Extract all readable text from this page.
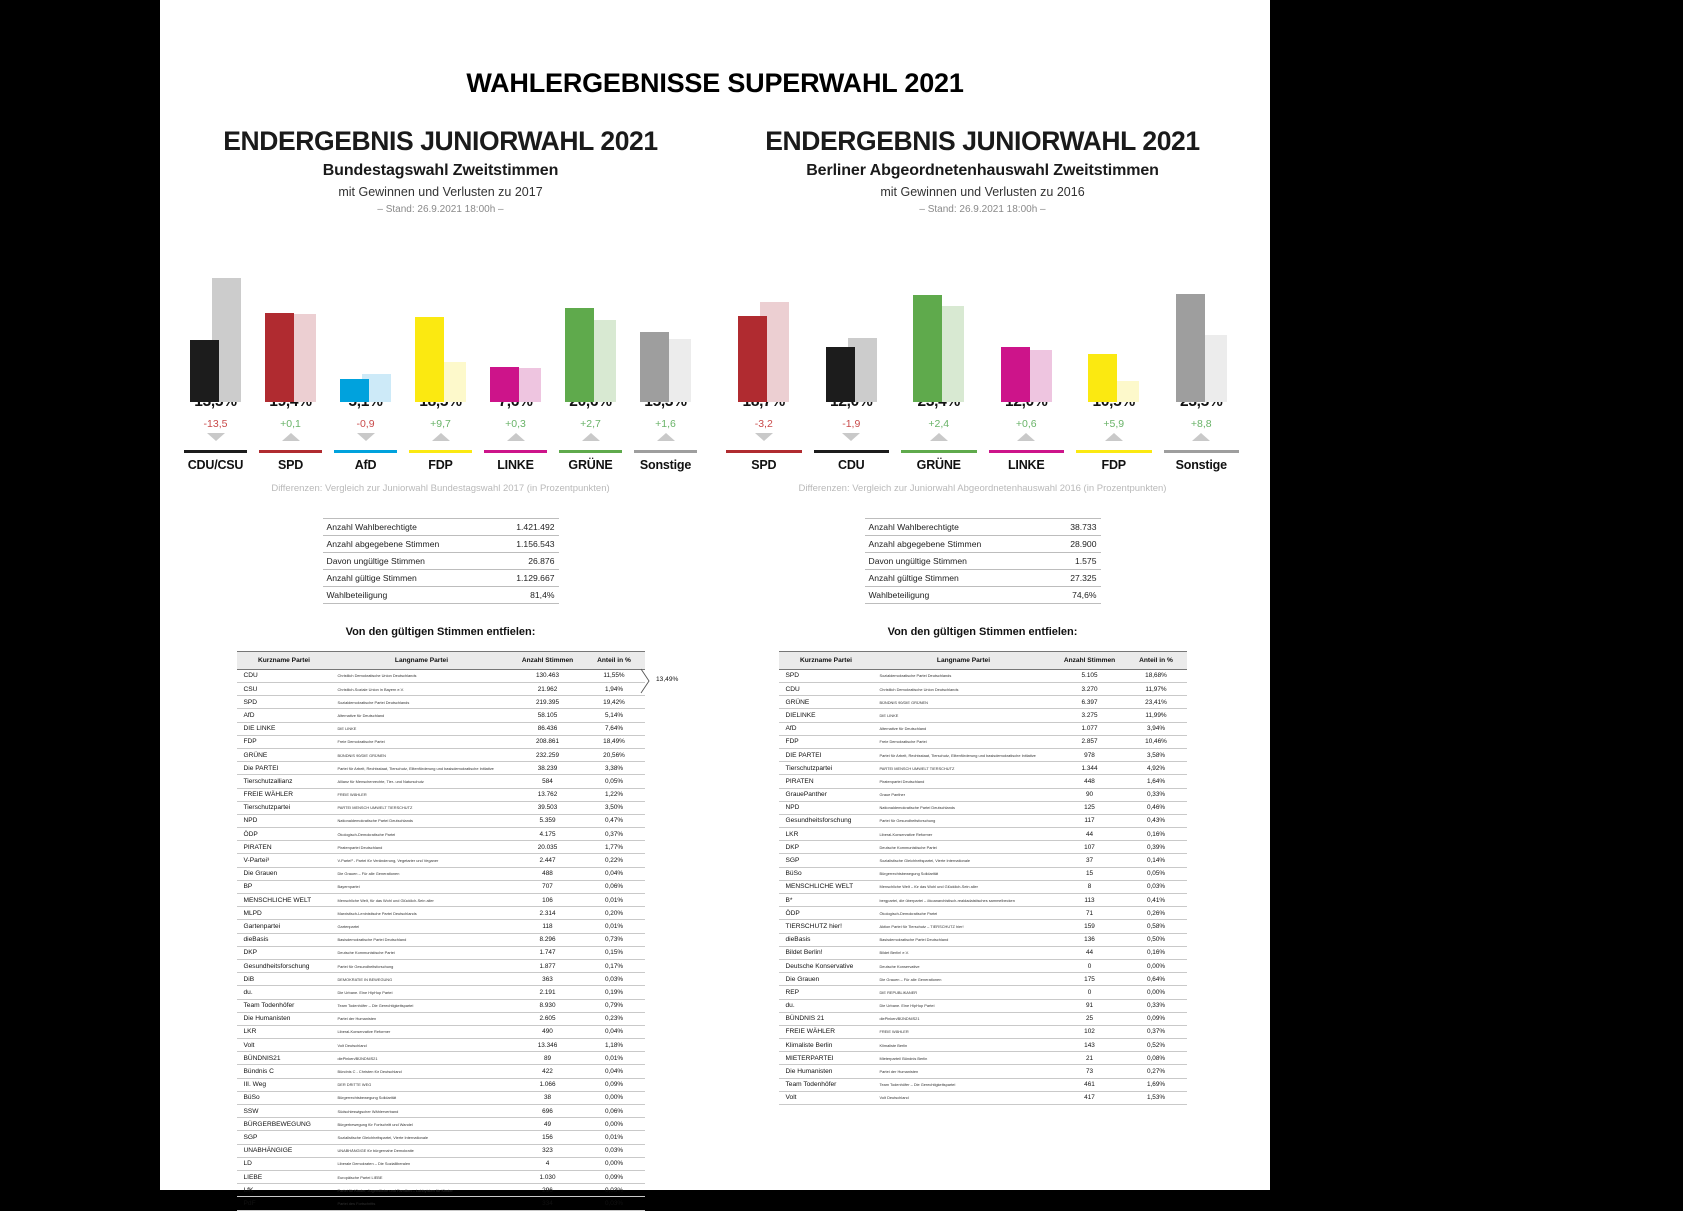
WAHLERGEBNISSE SUPERWAHL 2021
ENDERGEBNIS JUNIORWAHL 2021
Bundestagswahl Zweitstimmen
mit Gewinnen und Verlusten zu 2017
– Stand: 26.9.2021 18:00h –
-13,5
CDU/CSU
+0,1
SPD
-0,9
AfD
+9,7
FDP
+0,3
LINKE
+2,7
GRÜNE
+1,6
Sonstige
Differenzen: Vergleich zur Juniorwahl Bundestagswahl 2017 (in Prozentpunkten)
Anzahl Wahlberechtigte	1.421.492
Anzahl abgegebene Stimmen	1.156.543
Davon ungültige Stimmen	26.876
Anzahl gültige Stimmen	1.129.667
Wahlbeteiligung	81,4%
Von den gültigen Stimmen entfielen:
Kurzname Partei	Langname Partei	Anzahl Stimmen	Anteil in %
CDU	Christlich Demokratische Union Deutschlands	130.463	11,55%
CSU	Christlich-Soziale Union in Bayern e.V.	21.962	1,94%
SPD	Sozialdemokratische Partei Deutschlands	219.395	19,42%
AfD	Alternative für Deutschland	58.105	5,14%
DIE LINKE	DIE LINKE	86.436	7,64%
FDP	Freie Demokratische Partei	208.861	18,49%
GRÜNE	BÜNDNIS 90/DIE GRÜNEN	232.259	20,56%
Die PARTEI	Partei für Arbeit, Rechtsstaat, Tierschutz, Elitenförderung und basisdemokratische Initiative	38.239	3,38%
Tierschutzallianz	Allianz für Menschenrechte, Tier- und Naturschutz	584	0,05%
FREIE WÄHLER	FREIE WÄHLER	13.762	1,22%
Tierschutzpartei	PARTEI MENSCH UMWELT TIERSCHUTZ	39.503	3,50%
NPD	Nationaldemokratische Partei Deutschlands	5.359	0,47%
ÖDP	Ökologisch-Demokratische Partei	4.175	0,37%
PIRATEN	Piratenpartei Deutschland	20.035	1,77%
V-Partei³	V-Partei³ - Partei für Veränderung, Vegetarier und Veganer	2.447	0,22%
Die Grauen	Die Grauen – Für alle Generationen	488	0,04%
BP	Bayernpartei	707	0,06%
MENSCHLICHE WELT	Menschliche Welt, für das Wohl und Glücklich-Sein aller	106	0,01%
MLPD	Marxistisch-Leninistische Partei Deutschlands	2.314	0,20%
Gartenpartei	Gartenpartei	118	0,01%
dieBasis	Basisdemokratische Partei Deutschland	8.296	0,73%
DKP	Deutsche Kommunistische Partei	1.747	0,15%
Gesundheitsforschung	Partei für Gesundheitsforschung	1.877	0,17%
DiB	DEMOKRATIE IN BEWEGUNG	363	0,03%
du.	Die Urbane. Eine HipHop Partei	2.191	0,19%
Team Todenhöfer	Team Todenhöfer – Die Gerechtigkeitspartei	8.930	0,79%
Die Humanisten	Partei der Humanisten	2.605	0,23%
LKR	Liberal-Konservative Reformer	490	0,04%
Volt	Volt Deutschland	13.346	1,18%
BÜNDNIS21	diePinken/BÜNDNIS21	89	0,01%
Bündnis C	Bündnis C - Christen für Deutschland	422	0,04%
III. Weg	DER DRITTE WEG	1.066	0,09%
BüSo	Bürgerrechtsbewegung Solidarität	38	0,00%
SSW	Südschleswigscher Wählerverband	696	0,06%
BÜRGERBEWEGUNG	Bürgerbewegung für Fortschritt und Wandel	49	0,00%
SGP	Sozialistische Gleichheitspartei, Vierte Internationale	156	0,01%
UNABHÄNGIGE	UNABHÄNGIGE für bürgernahe Demokratie	323	0,03%
LD	Liberale Demokraten – Die Sozialliberalen	4	0,00%
LIEBE	Europäische Partei LIEBE	1.030	0,09%
LfK	Partei für Kinder, Jugendliche und Familien – Lobbyisten für Kinder	296	0,03%
PdF	Partei des Fortschritts	334	0,03%
13,49%
ENDERGEBNIS JUNIORWAHL 2021
Berliner Abgeordnetenhauswahl Zweitstimmen
mit Gewinnen und Verlusten zu 2016
– Stand: 26.9.2021 18:00h –
-3,2
SPD
-1,9
CDU
+2,4
GRÜNE
+0,6
LINKE
+5,9
FDP
+8,8
Sonstige
Differenzen: Vergleich zur Juniorwahl Abgeordnetenhauswahl 2016 (in Prozentpunkten)
Anzahl Wahlberechtigte	38.733
Anzahl abgegebene Stimmen	28.900
Davon ungültige Stimmen	1.575
Anzahl gültige Stimmen	27.325
Wahlbeteiligung	74,6%
Von den gültigen Stimmen entfielen:
Kurzname Partei	Langname Partei	Anzahl Stimmen	Anteil in %
SPD	Sozialdemokratische Partei Deutschlands	5.105	18,68%
CDU	Christlich Demokratische Union Deutschlands	3.270	11,97%
GRÜNE	BÜNDNIS 90/DIE GRÜNEN	6.397	23,41%
DIELINKE	DIE LINKE	3.275	11,99%
AfD	Alternative für Deutschland	1.077	3,94%
FDP	Freie Demokratische Partei	2.857	10,46%
DIE PARTEI	Partei für Arbeit, Rechtsstaat, Tierschutz, Elitenförderung und basisdemokratische Initiative	978	3,58%
Tierschutzpartei	PARTEI MENSCH UMWELT TIERSCHUTZ	1.344	4,92%
PIRATEN	Piratenpartei Deutschland	448	1,64%
GrauePanther	Graue Panther	90	0,33%
NPD	Nationaldemokratische Partei Deutschlands	125	0,46%
Gesundheitsforschung	Partei für Gesundheitsforschung	117	0,43%
LKR	Liberal-Konservative Reformer	44	0,16%
DKP	Deutsche Kommunistische Partei	107	0,39%
SGP	Sozialistische Gleichheitspartei, Vierte Internationale	37	0,14%
BüSo	Bürgerrechtsbewegung Solidarität	15	0,05%
MENSCHLICHE WELT	Menschliche Welt – für das Wohl und Glücklich-Sein aller	8	0,03%
B*	bergpartei, die überpartei – ökoanarchistisch-realdadaistisches sammelbecken	113	0,41%
ÖDP	Ökologisch-Demokratische Partei	71	0,26%
TIERSCHUTZ hier!	Aktion Partei für Tierschutz – TIERSCHUTZ hier!	159	0,58%
dieBasis	Basisdemokratische Partei Deutschland	136	0,50%
Bildet Berlin!	Bildet Berlin! e.V.	44	0,16%
Deutsche Konservative	Deutsche Konservative	0	0,00%
Die Grauen	Die Grauen – Für alle Generationen	175	0,64%
REP	DIE REPUBLIKANER	0	0,00%
du.	Die Urbane. Eine HipHop Partei	91	0,33%
BÜNDNIS 21	diePinken/BÜNDNIS21	25	0,09%
FREIE WÄHLER	FREIE WÄHLER	102	0,37%
Klimaliste Berlin	Klimaliste Berlin	143	0,52%
MIETERPARTEI	Mieterpartei/ Bündnis Berlin	21	0,08%
Die Humanisten	Partei der Humanisten	73	0,27%
Team Todenhöfer	Team Todenhöfer – Die Gerechtigkeitspartei	461	1,69%
Volt	Volt Deutschland	417	1,53%
